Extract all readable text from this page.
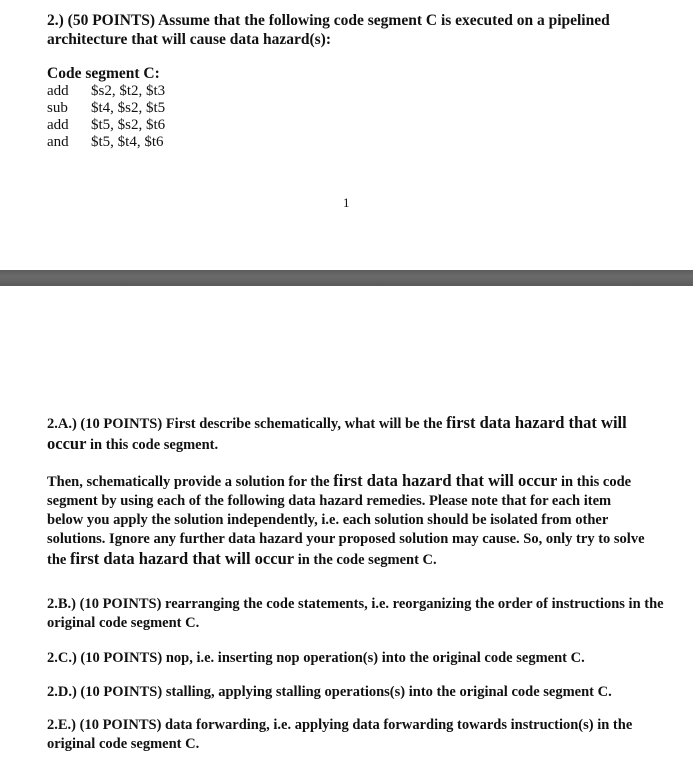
2.) (50 POINTS) Assume that the following code segment C is executed on a pipelined architecture that will cause data hazard(s):
Code segment C:
add $s2, $t2, $t3
sub $t4, $s2, $t5
add $t5, $s2, $t6
and $t5, $t4, $t6
1
2.A.) (10 POINTS) First describe schematically, what will be the first data hazard that will occur in this code segment.
Then, schematically provide a solution for the first data hazard that will occur in this code segment by using each of the following data hazard remedies. Please note that for each item below you apply the solution independently, i.e. each solution should be isolated from other solutions. Ignore any further data hazard your proposed solution may cause. So, only try to solve the first data hazard that will occur in the code segment C.
2.B.) (10 POINTS) rearranging the code statements, i.e. reorganizing the order of instructions in the original code segment C.
2.C.) (10 POINTS) nop, i.e. inserting nop operation(s) into the original code segment C.
2.D.) (10 POINTS) stalling, applying stalling operations(s) into the original code segment C.
2.E.) (10 POINTS) data forwarding, i.e. applying data forwarding towards instruction(s) in the original code segment C.
